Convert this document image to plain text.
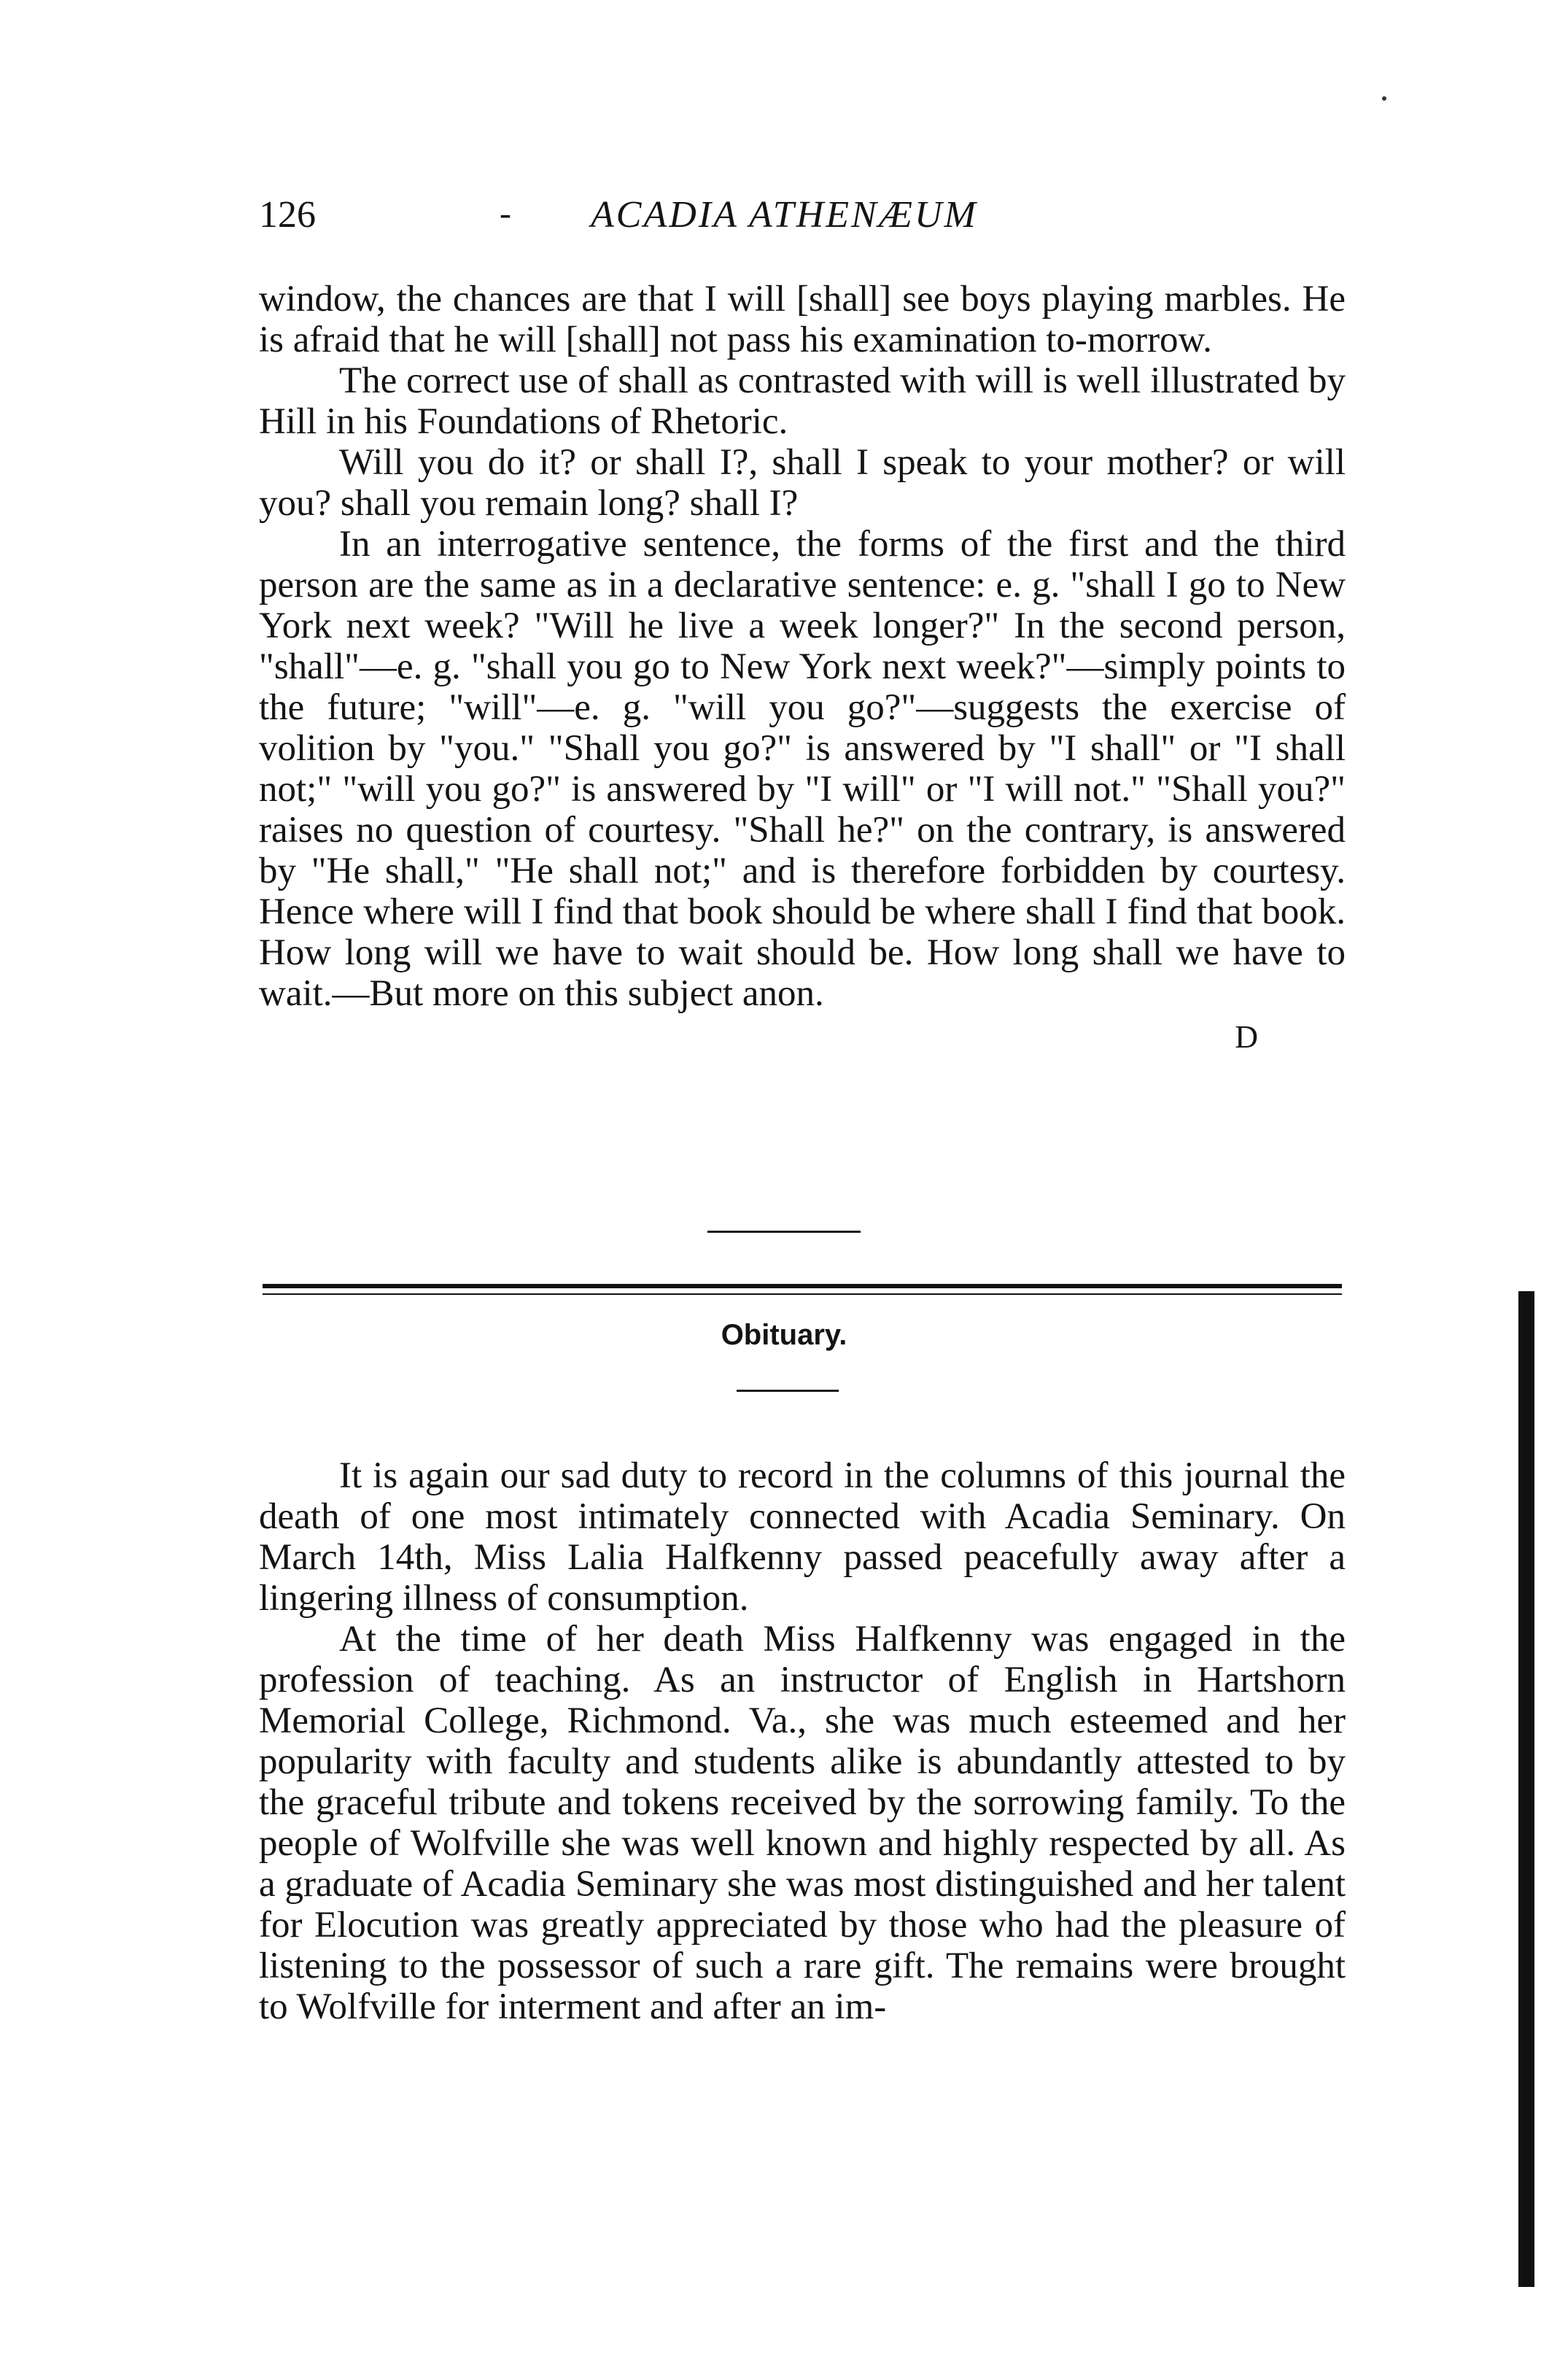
126	- ACADIA ATHENÆUM

window, the chances are that I will [shall] see boys playing marbles. He is afraid that he will [shall] not pass his examination to-morrow.

The correct use of shall as contrasted with will is well illustrated by Hill in his Foundations of Rhetoric.

Will you do it? or shall I?, shall I speak to your mother? or will you? shall you remain long? shall I?

In an interrogative sentence, the forms of the first and the third person are the same as in a declarative sentence: e. g. "shall I go to New York next week? "Will he live a week longer?" In the second person, "shall"—e. g. "shall you go to New York next week?"—simply points to the future; "will"—e. g. "will you go?"—suggests the exercise of volition by "you." "Shall you go?" is answered by "I shall" or "I shall not;" "will you go?" is answered by "I will" or "I will not." "Shall you?" raises no question of courtesy. "Shall he?" on the contrary, is answered by "He shall," "He shall not;" and is therefore forbidden by courtesy. Hence where will I find that book should be where shall I find that book. How long will we have to wait should be. How long shall we have to wait.—But more on this subject anon.

D
Obituary.

It is again our sad duty to record in the columns of this journal the death of one most intimately connected with Acadia Seminary. On March 14th, Miss Lalia Halfkenny passed peacefully away after a lingering illness of consumption.

At the time of her death Miss Halfkenny was engaged in the profession of teaching. As an instructor of English in Hartshorn Memorial College, Richmond. Va., she was much esteemed and her popularity with faculty and students alike is abundantly attested to by the graceful tribute and tokens received by the sorrowing family. To the people of Wolfville she was well known and highly respected by all. As a graduate of Acadia Seminary she was most distinguished and her talent for Elocution was greatly appreciated by those who had the pleasure of listening to the possessor of such a rare gift. The remains were brought to Wolfville for interment and after an im-
